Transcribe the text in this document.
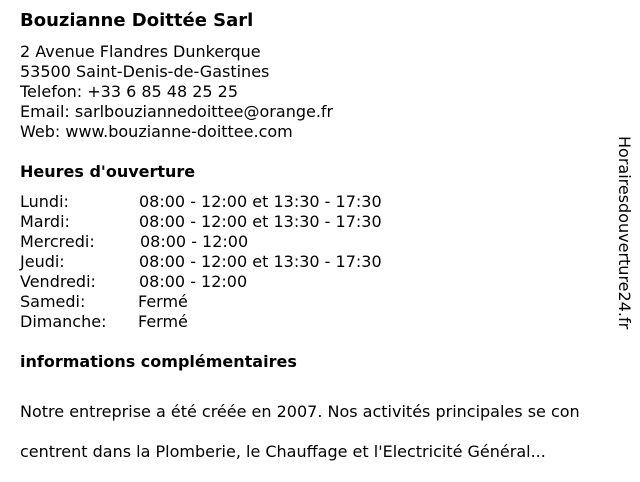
Bouzianne Doittée Sarl
2 Avenue Flandres Dunkerque
53500 Saint-Denis-de-Gastines
Telefon: +33 6 85 48 25 25
Email: sarlbouziannedoittee@orange.fr
Web: www.bouzianne-doittee.com
Heures d'ouverture
Lundi:	08:00 - 12:00 et 13:30 - 17:30
Mardi:	08:00 - 12:00 et 13:30 - 17:30
Mercredi:	08:00 - 12:00
Jeudi:	08:00 - 12:00 et 13:30 - 17:30
Vendredi:	08:00 - 12:00
Samedi:	Fermé
Dimanche:	Fermé
informations complémentaires

Notre entreprise a été créée en 2007. Nos activités principales se con

centrent dans la Plomberie, le Chauffage et l'Electricité Général...

Horairesdouverture24.fr
